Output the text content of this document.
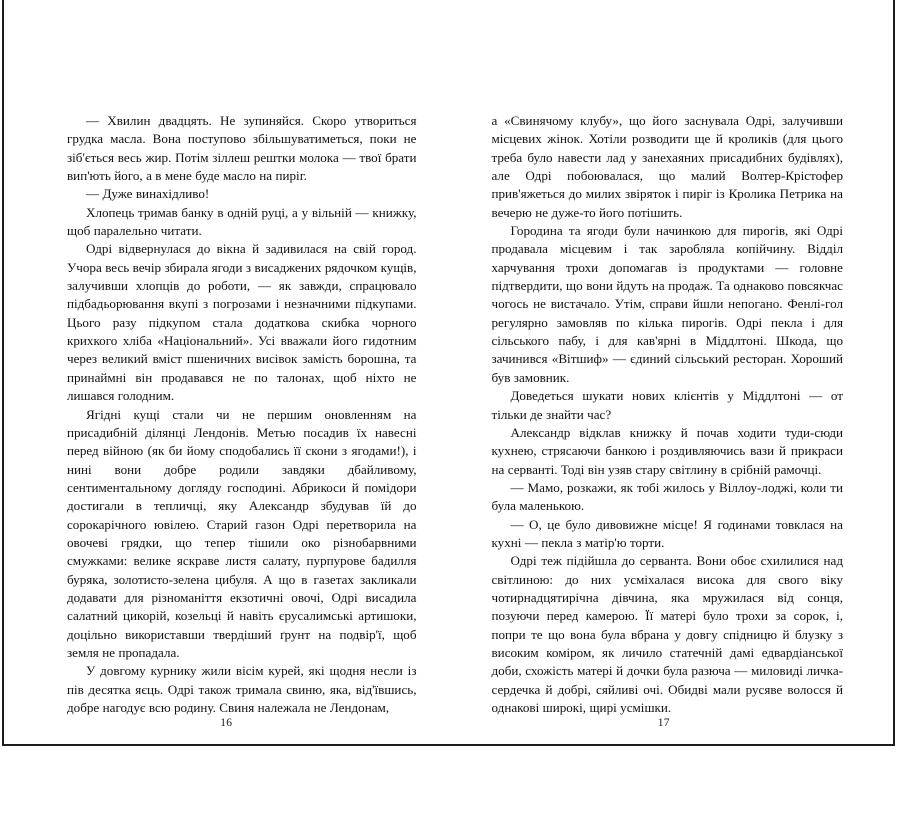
— Хвилин двадцять. Не зупиняйся. Скоро утвориться грудка масла. Вона поступово збільшуватиметься, поки не зіб'ється весь жир. Потім зіллеш рештки молока — твої брати вип'ють його, а в мене буде масло на пиріг.

— Дуже винахідливо!

Хлопець тримав банку в одній руці, а у вільній — книжку, щоб паралельно читати.

Одрі відвернулася до вікна й задивилася на свій город. Учора весь вечір збирала ягоди з висаджених рядочком кущів, залучивши хлопців до роботи, — як завжди, спрацювало підбадьорювання вкупі з погрозами і незначними підкупами. Цього разу підкупом стала додаткова скибка чорного крихкого хліба «Національний». Усі вважали його гидотним через великий вміст пшеничних висівок замість борошна, та принаймні він продавався не по талонах, щоб ніхто не лишався голодним.

Ягідні кущі стали чи не першим оновленням на присадибній ділянці Лендонів. Метью посадив їх навесні перед війною (як би йому сподобались її скони з ягодами!), і нині вони добре родили завдяки дбайливому, сентиментальному догляду господині. Абрикоси й помідори достигали в тепличці, яку Александр збудував їй до сорокарічного ювілею. Старий газон Одрі перетворила на овочеві грядки, що тепер тішили око різнобарвними смужками: велике яскраве листя салату, пурпурове бадилля буряка, золотисто-зелена цибуля. А що в газетах закликали додавати для різноманіття екзотичні овочі, Одрі висадила салатний цикорій, козельці й навіть єрусалимські артишоки, доцільно використавши твердіший ґрунт на подвір'ї, щоб земля не пропадала.

У довгому курнику жили вісім курей, які щодня несли із пів десятка яєць. Одрі також тримала свиню, яка, від'ївшись, добре нагодує всю родину. Свиня належала не Лендонам,

16

а «Свинячому клубу», що його заснувала Одрі, залучивши місцевих жінок. Хотіли розводити ще й кроликів (для цього треба було навести лад у занехаяних присадибних будівлях), але Одрі побоювалася, що малий Волтер-Крістофер прив'яжеться до милих звіряток і пиріг із Кролика Петрика на вечерю не дуже-то його потішить.

Городина та ягоди були начинкою для пирогів, які Одрі продавала місцевим і так заробляла копійчину. Відділ харчування трохи допомагав із продуктами — головне підтвердити, що вони йдуть на продаж. Та однаково повсякчас чогось не вистачало. Утім, справи йшли непогано. Фенлі-гол регулярно замовляв по кілька пирогів. Одрі пекла і для сільського пабу, і для кав'ярні в Міддлтоні. Шкода, що зачинився «Вітшиф» — єдиний сільський ресторан. Хороший був замовник.

Доведеться шукати нових клієнтів у Міддлтоні — от тільки де знайти час?

Александр відклав книжку й почав ходити туди-сюди кухнею, стрясаючи банкою і роздивляючись вази й прикраси на серванті. Тоді він узяв стару світлину в срібній рамочці.

— Мамо, розкажи, як тобі жилось у Віллоу-лоджі, коли ти була маленькою.

— О, це було дивовижне місце! Я годинами товклася на кухні — пекла з матір'ю торти.

Одрі теж підійшла до серванта. Вони обоє схилилися над світлиною: до них усміхалася висока для свого віку чотирнадцятирічна дівчина, яка мружилася від сонця, позуючи перед камерою. Її матері було трохи за сорок, і, попри те що вона була вбрана у довгу спідницю й блузку з високим коміром, як личило статечній дамі едвардіанської доби, схожість матері й дочки була разюча — миловиді личка-сердечка й добрі, сяйливі очі. Обидві мали русяве волосся й однакові широкі, щирі усмішки.

17
